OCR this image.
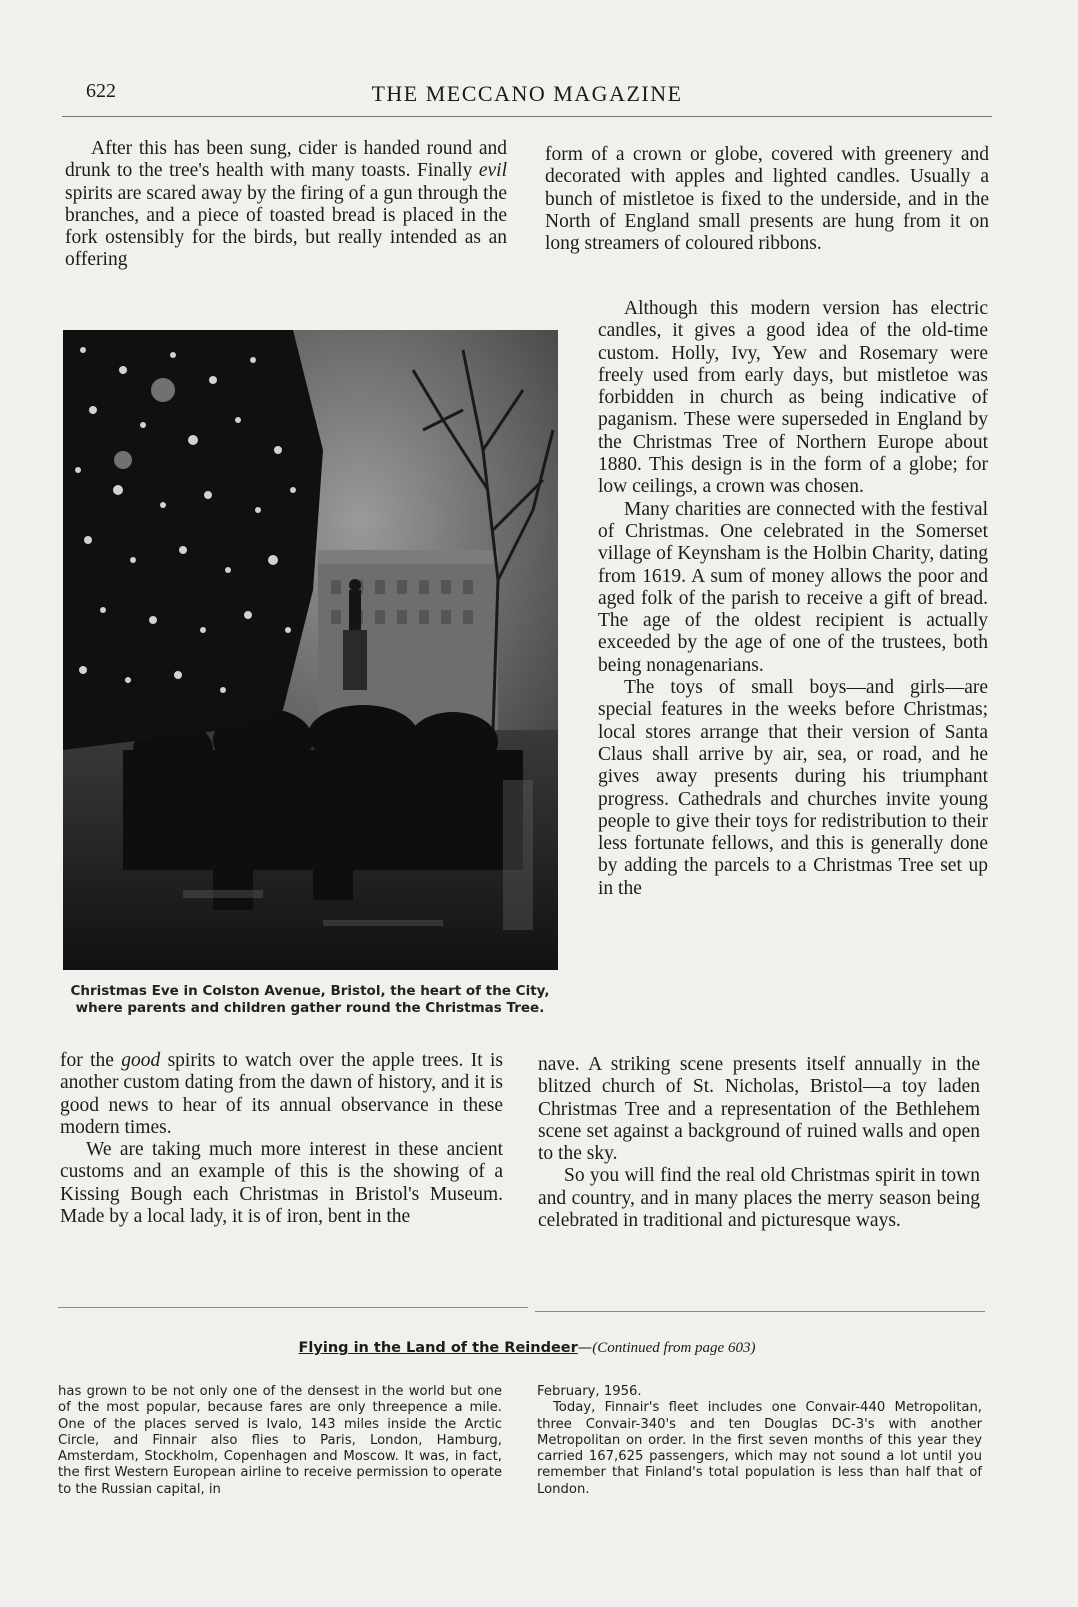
622	THE MECCANO MAGAZINE

After this has been sung, cider is handed round and drunk to the tree's health with many toasts. Finally evil spirits are scared away by the firing of a gun through the branches, and a piece of toasted bread is placed in the fork ostensibly for the birds, but really intended as an offering

Christmas Eve in Colston Avenue, Bristol, the heart of the City, where parents and children gather round the Christmas Tree.

for the good spirits to watch over the apple trees. It is another custom dating from the dawn of history, and it is good news to hear of its annual observance in these modern times.

We are taking much more interest in these ancient customs and an example of this is the showing of a Kissing Bough each Christmas in Bristol's Museum. Made by a local lady, it is of iron, bent in the

form of a crown or globe, covered with greenery and decorated with apples and lighted candles. Usually a bunch of mistletoe is fixed to the underside, and in the North of England small presents are hung from it on long streamers of coloured ribbons.

Although this modern version has electric candles, it gives a good idea of the old-time custom. Holly, Ivy, Yew and Rosemary were freely used from early days, but mistletoe was forbidden in church as being indicative of paganism. These were superseded in England by the Christmas Tree of Northern Europe about 1880. This design is in the form of a globe; for low ceilings, a crown was chosen.

Many charities are connected with the festival of Christmas. One celebrated in the Somerset village of Keynsham is the Holbin Charity, dating from 1619. A sum of money allows the poor and aged folk of the parish to receive a gift of bread. The age of the oldest recipient is actually exceeded by the age of one of the trustees, both being nonagenarians.

The toys of small boys—and girls—are special features in the weeks before Christmas; local stores arrange that their version of Santa Claus shall arrive by air, sea, or road, and he gives away presents during his triumphant progress. Cathedrals and churches invite young people to give their toys for redistribution to their less fortunate fellows, and this is generally done by adding the parcels to a Christmas Tree set up in the

nave. A striking scene presents itself annually in the blitzed church of St. Nicholas, Bristol—a toy laden Christmas Tree and a representation of the Bethlehem scene set against a background of ruined walls and open to the sky.

So you will find the real old Christmas spirit in town and country, and in many places the merry season being celebrated in traditional and picturesque ways.

Flying in the Land of the Reindeer—(Continued from page 603)

has grown to be not only one of the densest in the world but one of the most popular, because fares are only threepence a mile. One of the places served is Ivalo, 143 miles inside the Arctic Circle, and Finnair also flies to Paris, London, Hamburg, Amsterdam, Stockholm, Copenhagen and Moscow. It was, in fact, the first Western European airline to receive permission to operate to the Russian capital, in

February, 1956.

Today, Finnair's fleet includes one Convair-440 Metropolitan, three Convair-340's and ten Douglas DC-3's with another Metropolitan on order. In the first seven months of this year they carried 167,625 passengers, which may not sound a lot until you remember that Finland's total population is less than half that of London.
